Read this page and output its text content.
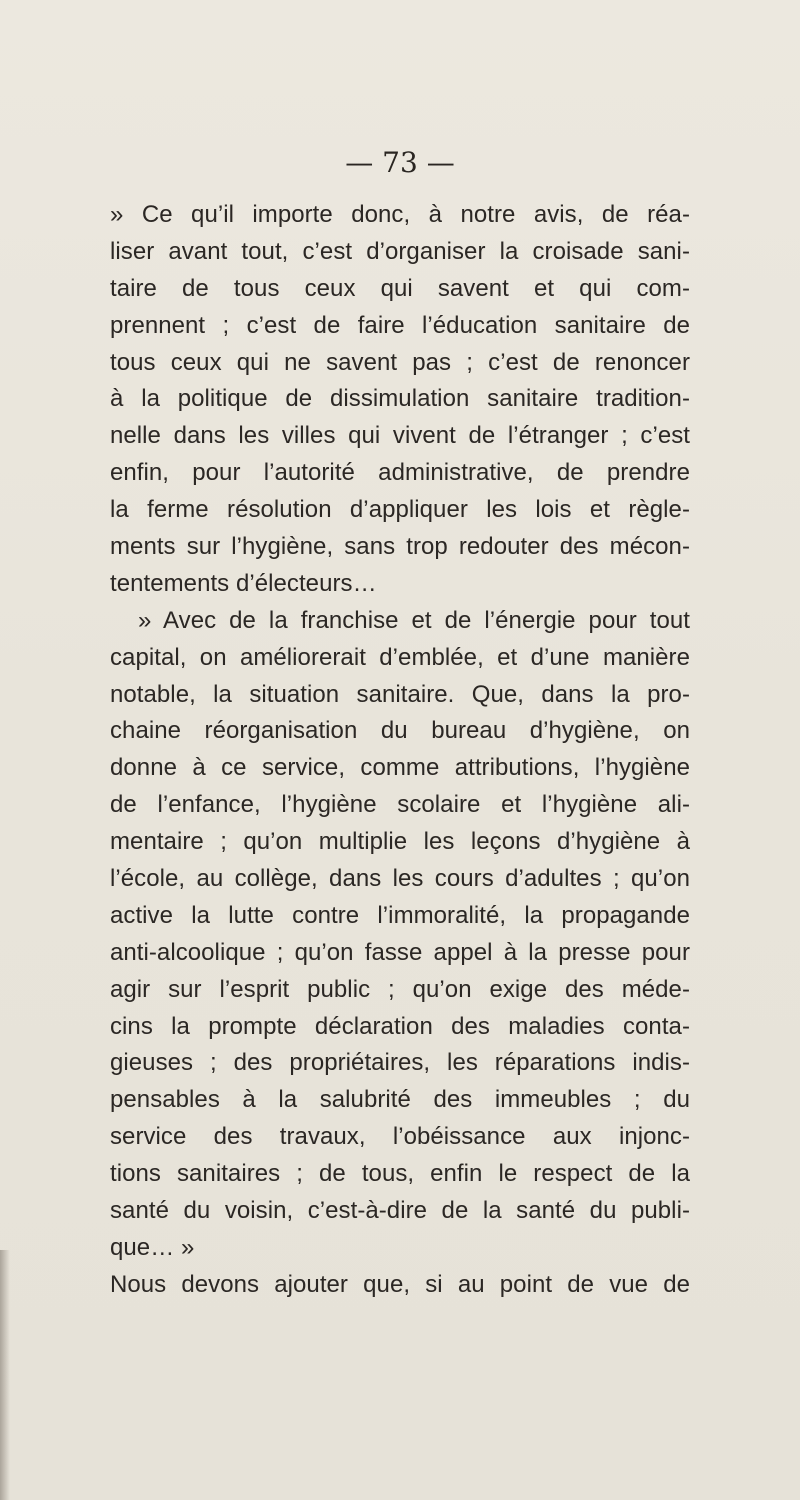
— 73 —
» Ce qu’il importe donc, à notre avis, de réa-
liser avant tout, c’est d’organiser la croisade sani-
taire de tous ceux qui savent et qui com-
prennent ; c’est de faire l’éducation sanitaire de
tous ceux qui ne savent pas ; c’est de renoncer
à la politique de dissimulation sanitaire tradition-
nelle dans les villes qui vivent de l’étranger ; c’est
enfin, pour l’autorité administrative, de prendre
la ferme résolution d’appliquer les lois et règle-
ments sur l’hygiène, sans trop redouter des mécon-
tentements d’électeurs…
» Avec de la franchise et de l’énergie pour tout
capital, on améliorerait d’emblée, et d’une manière
notable, la situation sanitaire. Que, dans la pro-
chaine réorganisation du bureau d’hygiène, on
donne à ce service, comme attributions, l’hygiène
de l’enfance, l’hygiène scolaire et l’hygiène ali-
mentaire ; qu’on multiplie les leçons d’hygiène à
l’école, au collège, dans les cours d’adultes ; qu’on
active la lutte contre l’immoralité, la propagande
anti-alcoolique ; qu’on fasse appel à la presse pour
agir sur l’esprit public ; qu’on exige des méde-
cins la prompte déclaration des maladies conta-
gieuses ; des propriétaires, les réparations indis-
pensables à la salubrité des immeubles ; du
service des travaux, l’obéissance aux injonc-
tions sanitaires ; de tous, enfin le respect de la
santé du voisin, c’est-à-dire de la santé du publi-
que… »
Nous devons ajouter que, si au point de vue de
